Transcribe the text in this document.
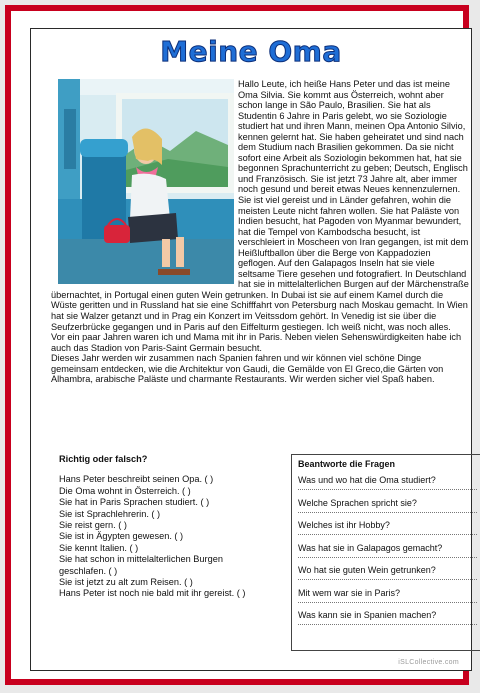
Meine Oma

Hallo Leute, ich heiße Hans Peter und das ist meine Oma Silvia. Sie kommt aus Österreich, wohnt aber schon lange in São Paulo, Brasilien. Sie hat als Studentin 6 Jahre in Paris gelebt, wo sie Soziologie studiert hat und ihren Mann, meinen Opa Antonio Silvio, kennen gelernt hat. Sie haben geheiratet und sind nach dem Studium nach Brasilien gekommen. Da sie nicht sofort eine Arbeit als Soziologin bekommen hat, hat sie begonnen Sprachunterricht zu geben; Deutsch, Englisch und Französisch. Sie ist jetzt 73 Jahre alt, aber immer noch gesund und bereit etwas Neues kennenzulernen. Sie ist viel gereist und in Länder gefahren, wohin die meisten Leute nicht fahren wollen. Sie hat Paläste von Indien besucht, hat Pagoden von Myanmar bewundert, hat die Tempel von Kambodscha besucht, ist verschleiert in Moscheen von Iran gegangen, ist mit dem Heißluftballon über die Berge von Kappadozien geflogen. Auf den Galapagos Inseln hat sie viele seltsame Tiere gesehen und fotografiert. In Deutschland hat sie in mittelalterlichen Burgen auf der Märchenstraße übernachtet, in Portugal einen guten Wein getrunken. In Dubai ist sie auf einem Kamel durch die Wüste geritten und in Russland hat sie eine Schifffahrt von Petersburg nach Moskau gemacht. In Wien hat sie Walzer getanzt und in Prag ein Konzert im Veitssdom gehört. In Venedig ist sie über die Seufzerbrücke gegangen und in Paris auf den Eiffelturm gestiegen. Ich weiß nicht, was noch alles.

Vor ein paar Jahren waren ich und Mama mit ihr in Paris. Neben vielen Sehenswürdigkeiten habe ich auch das Stadion von Paris-Saint Germain besucht.

Dieses Jahr werden wir zusammen nach Spanien fahren und wir können viel schöne Dinge gemeinsam entdecken, wie die Architektur von Gaudi, die Gemälde von El Greco,die Gärten von Alhambra, arabische Paläste und charmante Restaurants. Wir werden sicher viel Spaß haben.

Richtig oder falsch?
Hans Peter beschreibt seinen Opa. ( )
Die Oma wohnt in Österreich. ( )
Sie hat in Paris Sprachen studiert. ( )
Sie ist Sprachlehrerin. ( )
Sie reist gern. ( )
Sie ist in Ägypten gewesen. ( )
Sie kennt Italien. ( )
Sie hat schon in mittelalterlichen Burgen
geschlafen. ( )
Sie ist jetzt zu alt zum Reisen. ( )
Hans Peter ist noch nie bald mit ihr gereist. ( )
Beantworte die Fragen
Was und wo hat die Oma studiert?
Welche Sprachen spricht sie?
Welches ist ihr Hobby?
Was hat sie in Galapagos gemacht?
Wo hat sie guten Wein getrunken?
Mit wem war sie in Paris?
Was kann sie in Spanien machen?
iSLCollective.com
